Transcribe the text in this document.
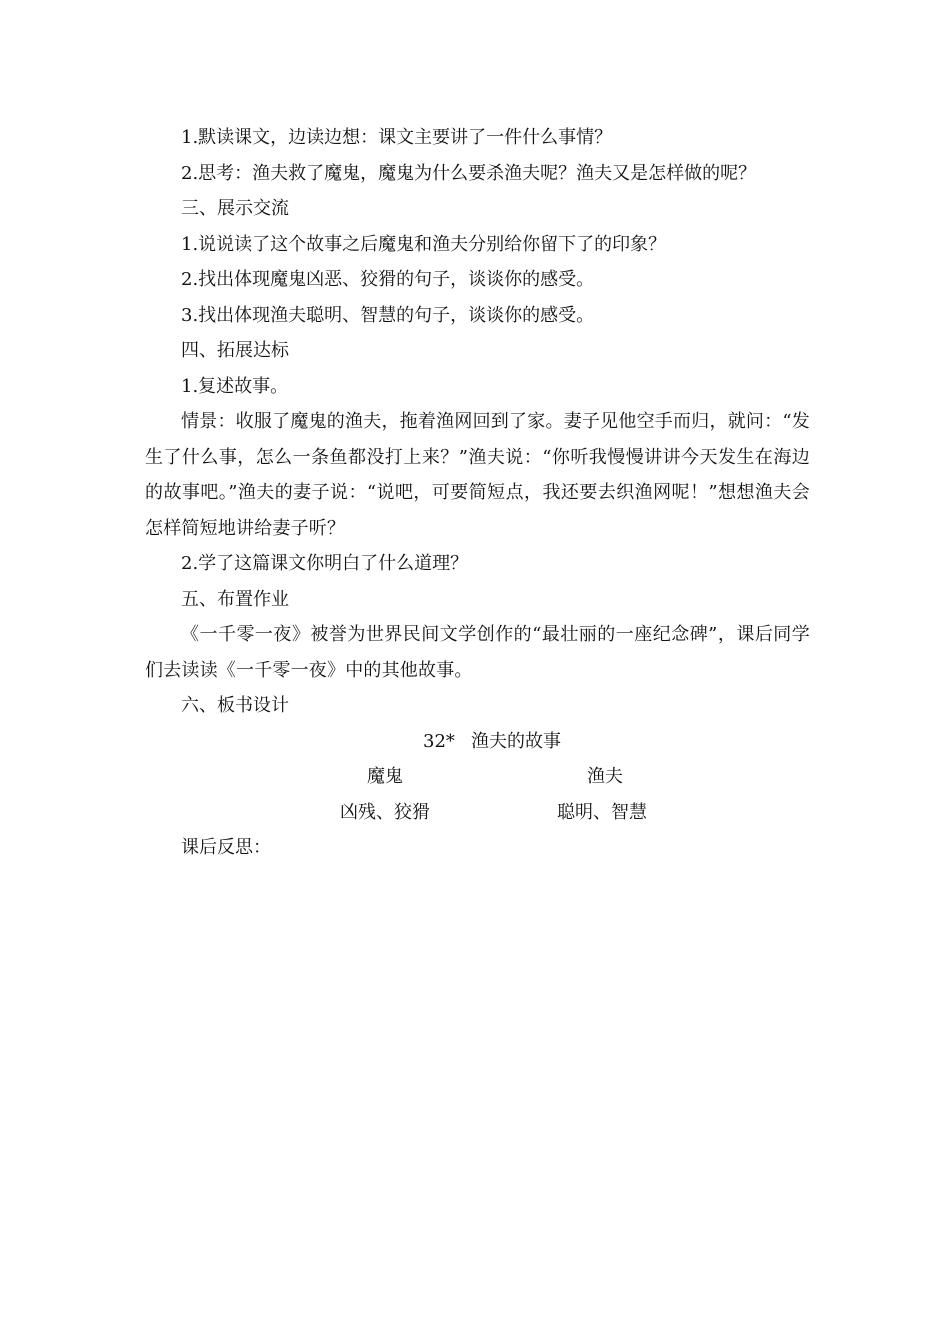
1.默读课文，边读边想：课文主要讲了一件什么事情？

2.思考：渔夫救了魔鬼，魔鬼为什么要杀渔夫呢？渔夫又是怎样做的呢？

三、展示交流

1.说说读了这个故事之后魔鬼和渔夫分别给你留下了的印象？

2.找出体现魔鬼凶恶、狡猾的句子，谈谈你的感受。

3.找出体现渔夫聪明、智慧的句子，谈谈你的感受。

四、拓展达标

1.复述故事。

情景：收服了魔鬼的渔夫，拖着渔网回到了家。妻子见他空手而归，就问：“发生了什么事，怎么一条鱼都没打上来？”渔夫说：“你听我慢慢讲讲今天发生在海边的故事吧。”渔夫的妻子说：“说吧，可要简短点，我还要去织渔网呢！”想想渔夫会怎样简短地讲给妻子听？

2.学了这篇课文你明白了什么道理？

五、布置作业

《一千零一夜》被誉为世界民间文学创作的“最壮丽的一座纪念碑”，课后同学们去读读《一千零一夜》中的其他故事。

六、板书设计

32* 渔夫的故事
魔鬼	渔夫
凶残、狡猾	聪明、智慧

课后反思：
